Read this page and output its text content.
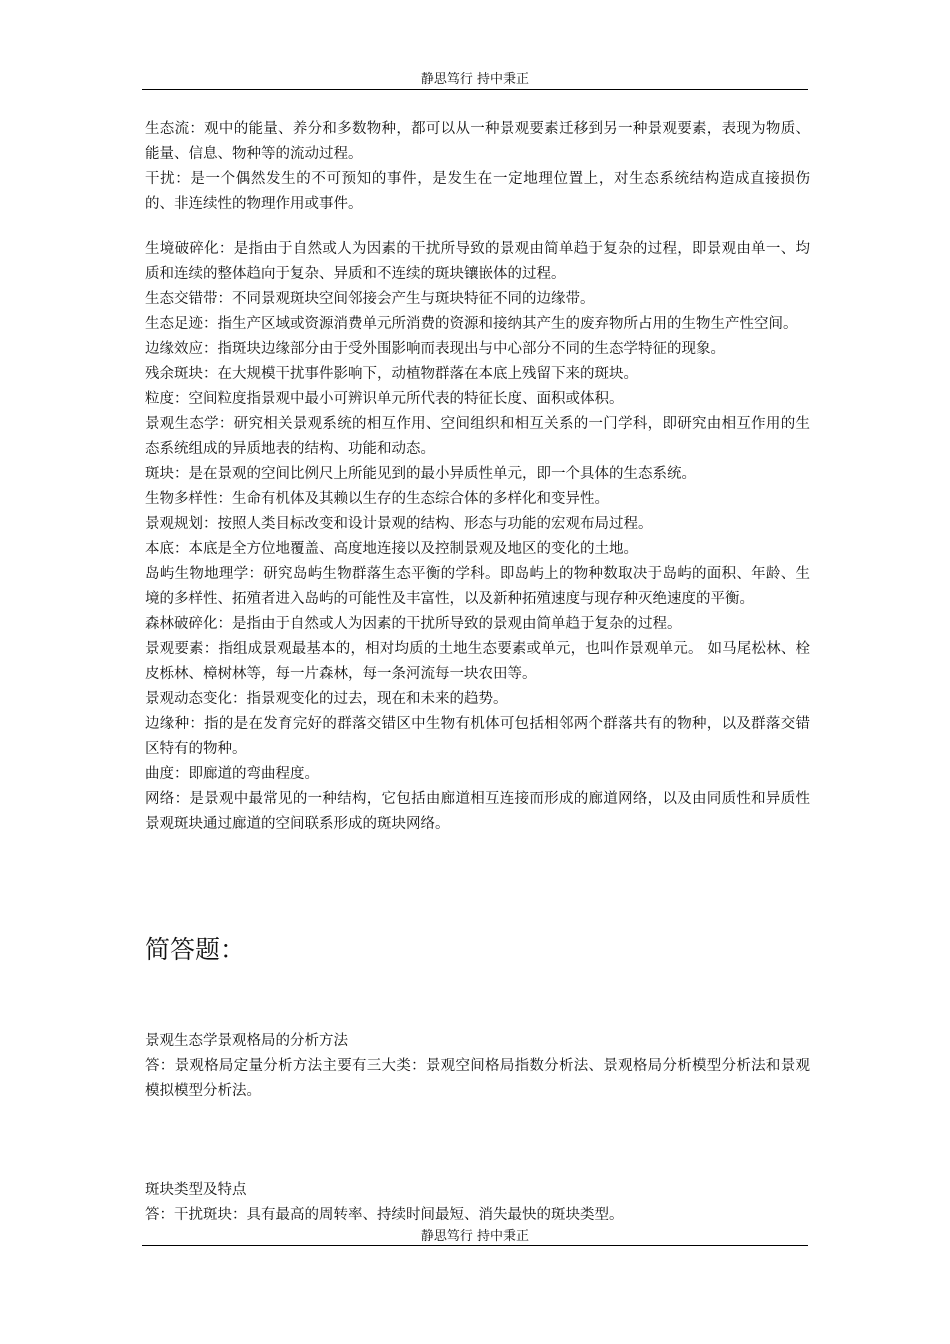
静思笃行 持中秉正

生态流：观中的能量、养分和多数物种，都可以从一种景观要素迁移到另一种景观要素，表现为物质、能量、信息、物种等的流动过程。

干扰：是一个偶然发生的不可预知的事件，是发生在一定地理位置上，对生态系统结构造成直接损伤的、非连续性的物理作用或事件。

生境破碎化：是指由于自然或人为因素的干扰所导致的景观由简单趋于复杂的过程，即景观由单一、均质和连续的整体趋向于复杂、异质和不连续的斑块镶嵌体的过程。

生态交错带：不同景观斑块空间邻接会产生与斑块特征不同的边缘带。

生态足迹：指生产区域或资源消费单元所消费的资源和接纳其产生的废弃物所占用的生物生产性空间。

边缘效应：指斑块边缘部分由于受外围影响而表现出与中心部分不同的生态学特征的现象。

残余斑块：在大规模干扰事件影响下，动植物群落在本底上残留下来的斑块。

粒度：空间粒度指景观中最小可辨识单元所代表的特征长度、面积或体积。

景观生态学：研究相关景观系统的相互作用、空间组织和相互关系的一门学科，即研究由相互作用的生态系统组成的异质地表的结构、功能和动态。

斑块：是在景观的空间比例尺上所能见到的最小异质性单元，即一个具体的生态系统。

生物多样性：生命有机体及其赖以生存的生态综合体的多样化和变异性。

景观规划：按照人类目标改变和设计景观的结构、形态与功能的宏观布局过程。

本底：本底是全方位地覆盖、高度地连接以及控制景观及地区的变化的土地。

岛屿生物地理学：研究岛屿生物群落生态平衡的学科。即岛屿上的物种数取决于岛屿的面积、年龄、生境的多样性、拓殖者进入岛屿的可能性及丰富性，以及新种拓殖速度与现存种灭绝速度的平衡。

森林破碎化：是指由于自然或人为因素的干扰所导致的景观由简单趋于复杂的过程。

景观要素：指组成景观最基本的，相对均质的土地生态要素或单元，也叫作景观单元。 如马尾松林、栓皮栎林、樟树林等，每一片森林，每一条河流每一块农田等。

景观动态变化：指景观变化的过去，现在和未来的趋势。

边缘种：指的是在发育完好的群落交错区中生物有机体可包括相邻两个群落共有的物种，以及群落交错区特有的物种。

曲度：即廊道的弯曲程度。

网络：是景观中最常见的一种结构，它包括由廊道相互连接而形成的廊道网络，以及由同质性和异质性景观斑块通过廊道的空间联系形成的斑块网络。

简答题：

景观生态学景观格局的分析方法

答：景观格局定量分析方法主要有三大类：景观空间格局指数分析法、景观格局分析模型分析法和景观模拟模型分析法。

斑块类型及特点

答：干扰斑块：具有最高的周转率、持续时间最短、消失最快的斑块类型。

静思笃行 持中秉正
